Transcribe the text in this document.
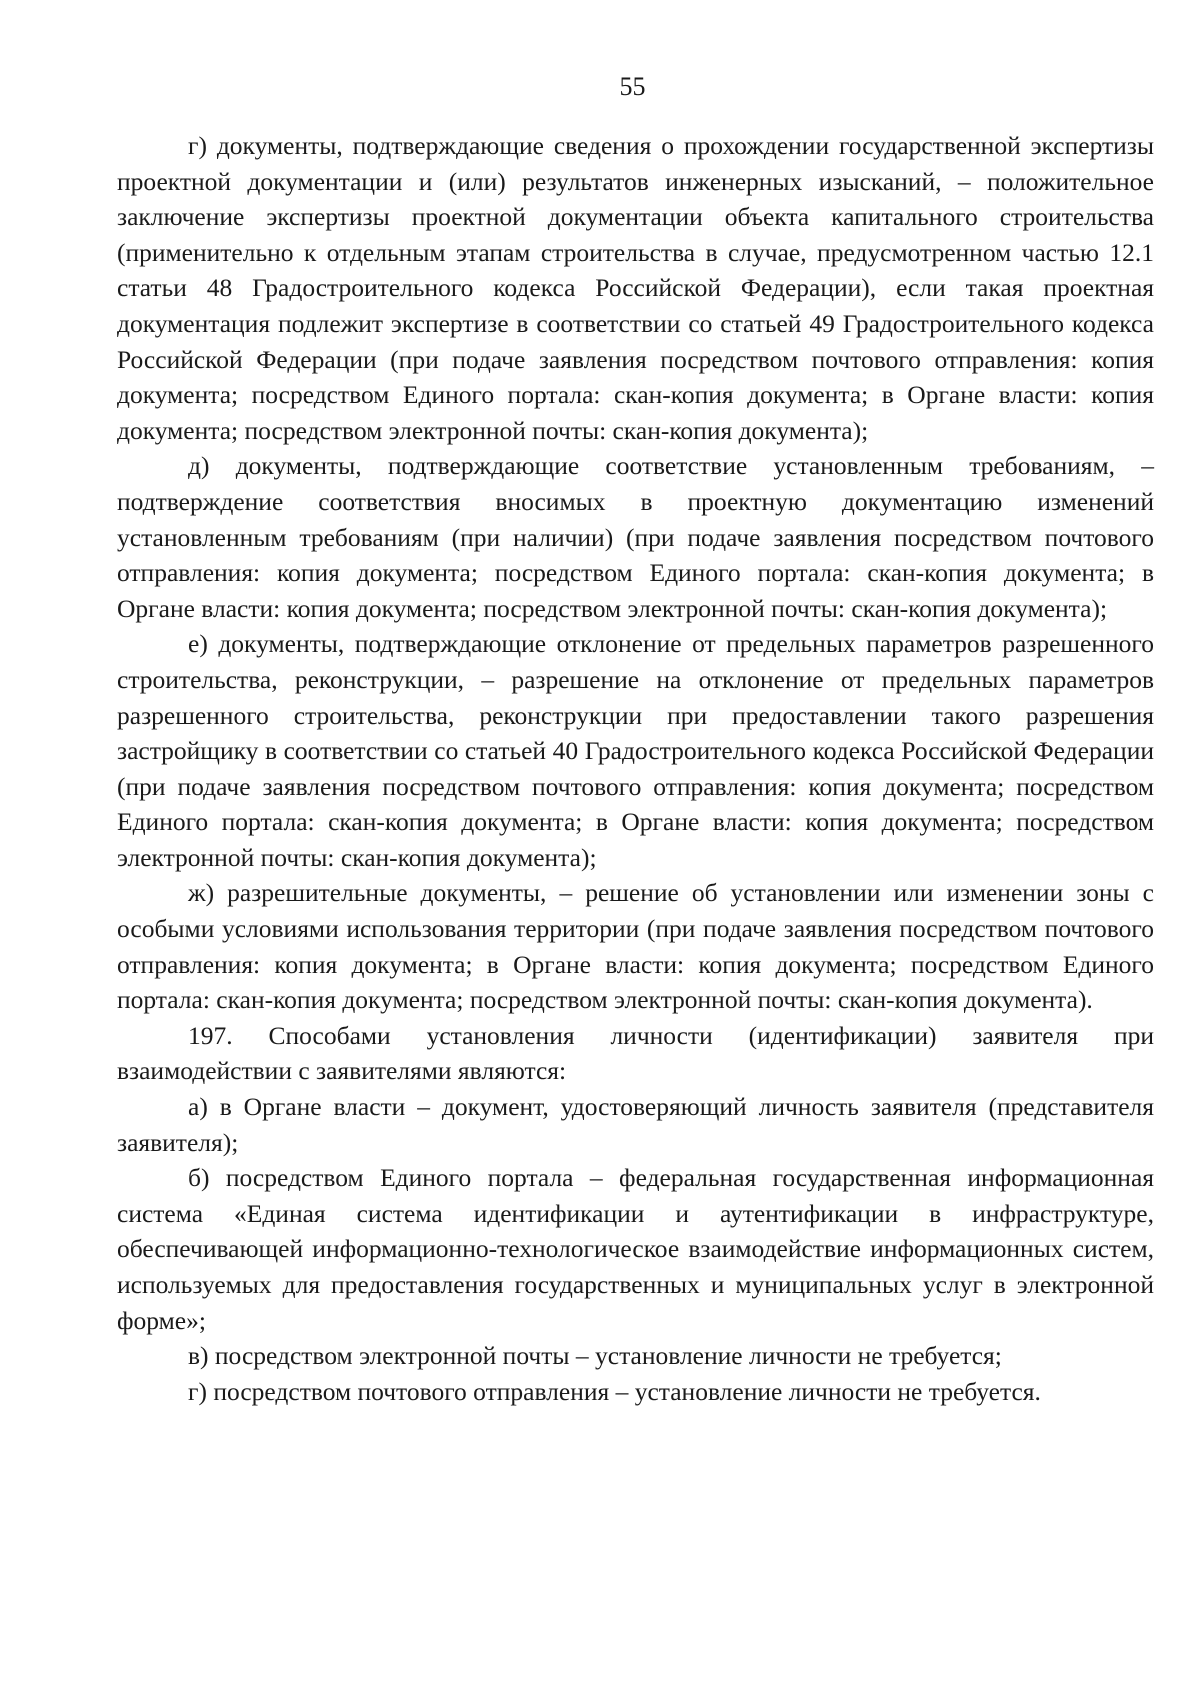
55

г) документы, подтверждающие сведения о прохождении государственной экспертизы проектной документации и (или) результатов инженерных изысканий, – положительное заключение экспертизы проектной документации объекта капитального строительства (применительно к отдельным этапам строительства в случае, предусмотренном частью 12.1 статьи 48 Градостроительного кодекса Российской Федерации), если такая проектная документация подлежит экспертизе в соответствии со статьей 49 Градостроительного кодекса Российской Федерации (при подаче заявления посредством почтового отправления: копия документа; посредством Единого портала: скан-копия документа; в Органе власти: копия документа; посредством электронной почты: скан-копия документа);

д) документы, подтверждающие соответствие установленным требованиям, – подтверждение соответствия вносимых в проектную документацию изменений установленным требованиям (при наличии) (при подаче заявления посредством почтового отправления: копия документа; посредством Единого портала: скан-копия документа; в Органе власти: копия документа; посредством электронной почты: скан-копия документа);

е) документы, подтверждающие отклонение от предельных параметров разрешенного строительства, реконструкции, – разрешение на отклонение от предельных параметров разрешенного строительства, реконструкции при предоставлении такого разрешения застройщику в соответствии со статьей 40 Градостроительного кодекса Российской Федерации (при подаче заявления посредством почтового отправления: копия документа; посредством Единого портала: скан-копия документа; в Органе власти: копия документа; посредством электронной почты: скан-копия документа);

ж) разрешительные документы, – решение об установлении или изменении зоны с особыми условиями использования территории (при подаче заявления посредством почтового отправления: копия документа; в Органе власти: копия документа; посредством Единого портала: скан-копия документа; посредством электронной почты: скан-копия документа).

197. Способами установления личности (идентификации) заявителя при взаимодействии с заявителями являются:

а) в Органе власти – документ, удостоверяющий личность заявителя (представителя заявителя);

б) посредством Единого портала – федеральная государственная информационная система «Единая система идентификации и аутентификации в инфраструктуре, обеспечивающей информационно-технологическое взаимодействие информационных систем, используемых для предоставления государственных и муниципальных услуг в электронной форме»;

в) посредством электронной почты – установление личности не требуется;

г) посредством почтового отправления – установление личности не требуется.
